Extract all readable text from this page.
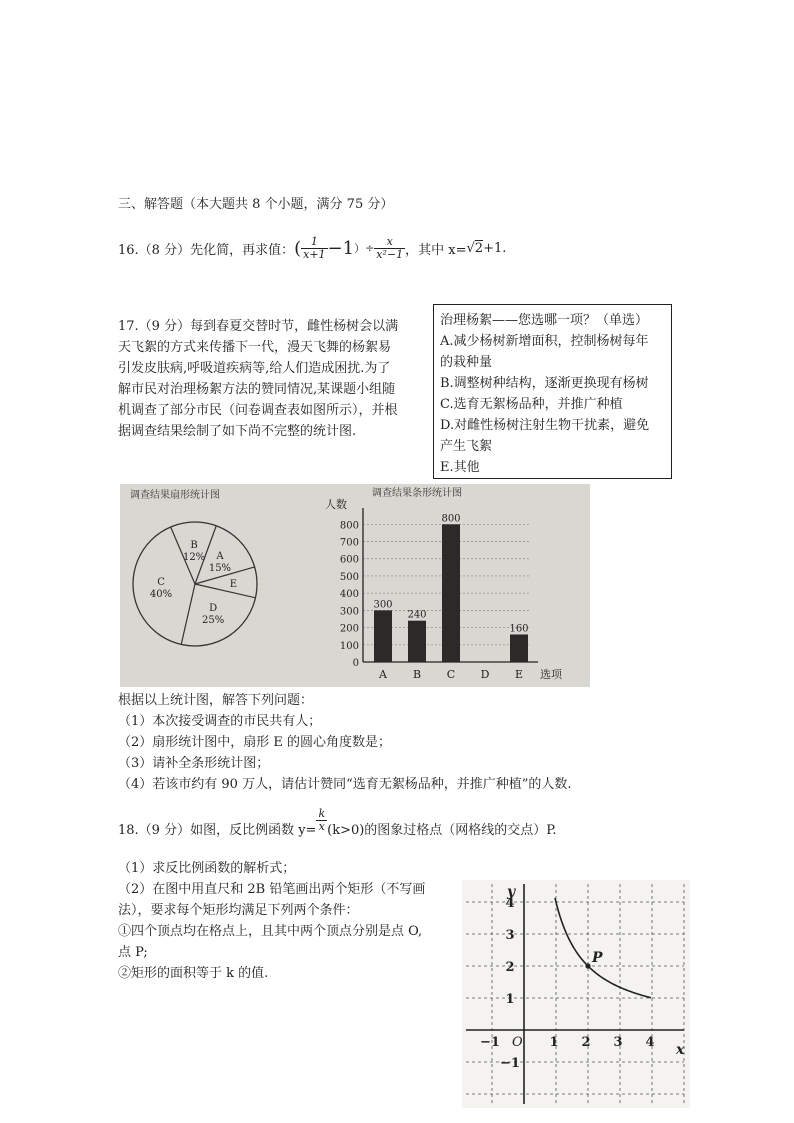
三、解答题（本大题共 8 个小题，满分 75 分）
16.（8 分）先化简，再求值： ( $\frac{1}{x+1} -1$ ）÷ $\frac{x}{\text{x²−1}}$ ，其中 x= √2 +1.
17.（9 分）每到春夏交替时节，雌性杨树会以满
天飞絮的方式来传播下一代，漫天飞舞的杨絮易
引发皮肤病,呼吸道疾病等,给人们造成困扰.为了
解市民对治理杨絮方法的赞同情况,某课题小组随
机调查了部分市民（问卷调查表如图所示），并根
据调查结果绘制了如下尚不完整的统计图.
治理杨絮——您选哪一项？（单选）
A.减少杨树新增面积，控制杨树每年
的栽种量
B.调整树种结构，逐渐更换现有杨树
C.选育无絮杨品种，并推广种植
D.对雌性杨树注射生物干扰素，避免
产生飞絮
E.其他
调查结果扇形统计图
A
15%
E
D
25%
C
40%
B
12%
调查结果条形统计图
人数
选项
0
100
200
300
400
500
600
700
800
A
300
B
240
C
800
D E
160
根据以上统计图，解答下列问题：
（1）本次接受调查的市民共有人；
（2）扇形统计图中，扇形 E 的圆心角度数是；
（3）请补全条形统计图；
（4）若该市约有 90 万人，请估计赞同“选育无絮杨品种，并推广种植”的人数.
18.（9 分）如图，反比例函数 $y= \frac{k}{x} (k>0)$的图象过格点（网格线的交点）P.
（1）求反比例函数的解析式；
（2）在图中用直尺和 2B 铅笔画出两个矩形（不写画
法），要求每个矩形均满足下列两个条件：
①四个顶点均在格点上，且其中两个顶点分别是点 O,
点 P;
②矩形的面积等于 k 的值.
y
x
O
−1	1 2 3 4
4
3
2
1
−1
P
